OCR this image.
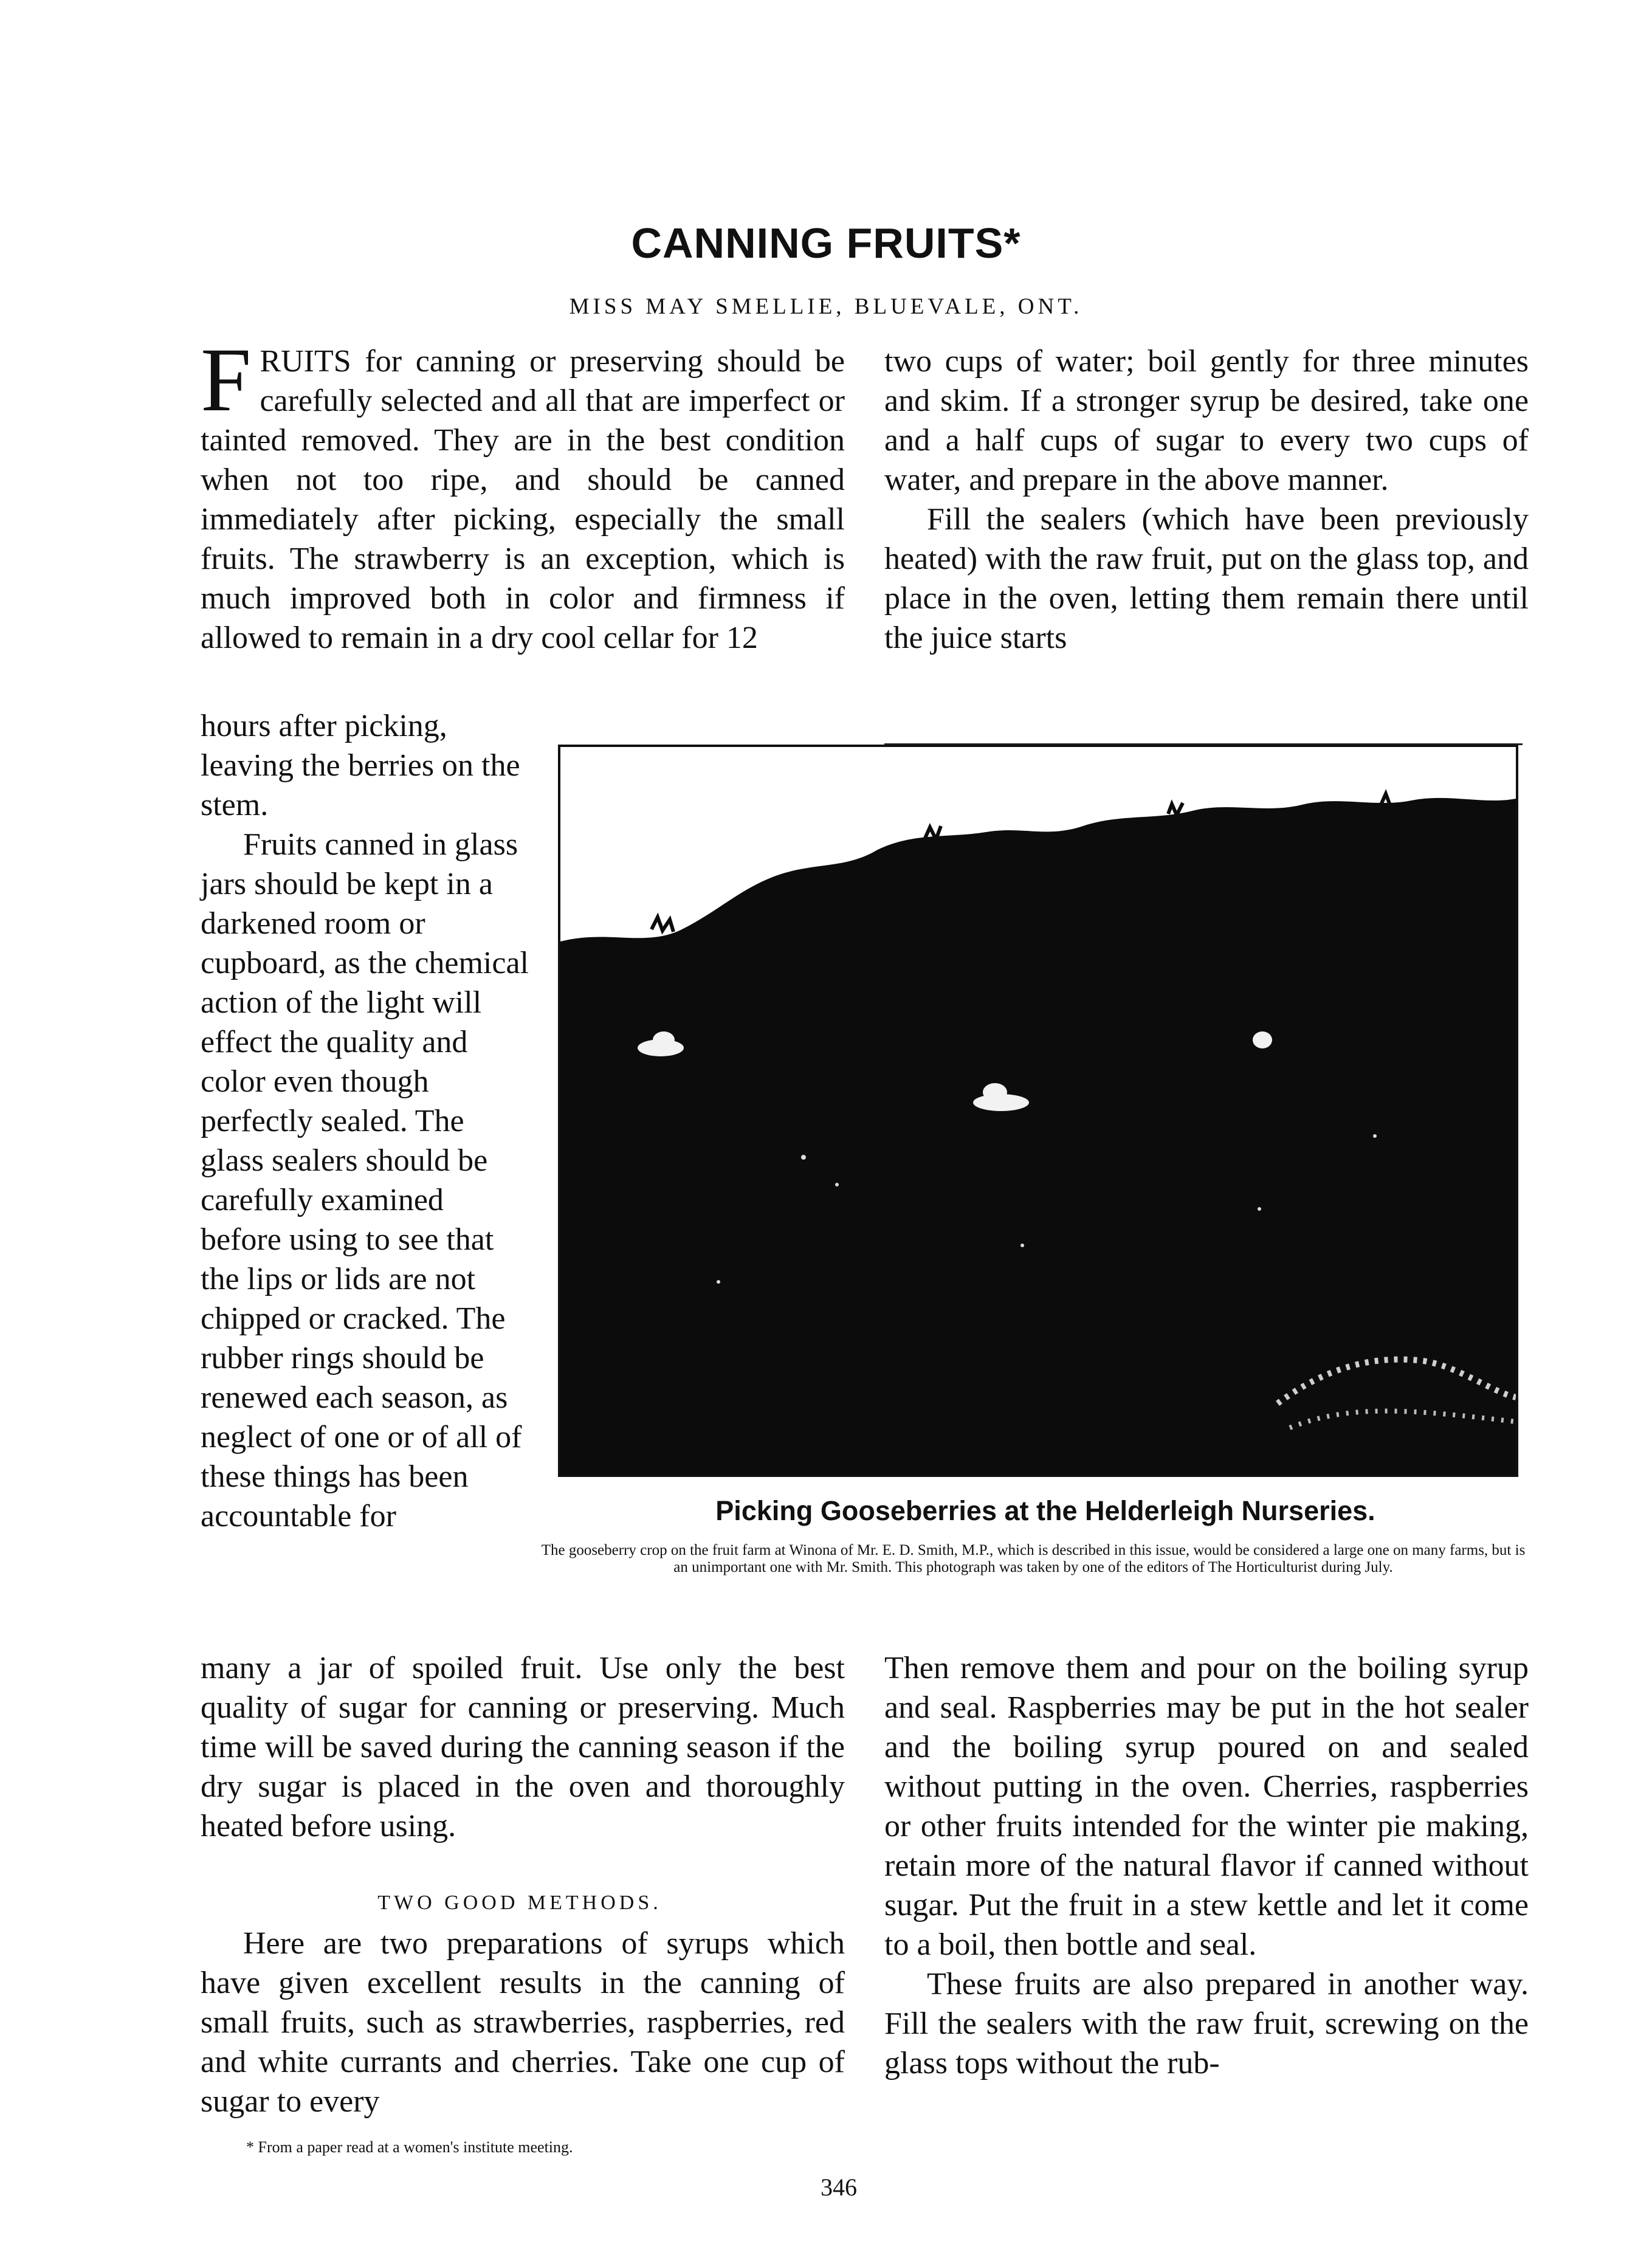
CANNING FRUITS*
MISS MAY SMELLIE, BLUEVALE, ONT.

FRUITS for canning or preserving should be carefully selected and all that are imperfect or tainted removed. They are in the best condition when not too ripe, and should be canned immediately after picking, especially the small fruits. The strawberry is an exception, which is much improved both in color and firmness if allowed to remain in a dry cool cellar for 12

hours after picking, leaving the berries on the stem.

Fruits canned in glass jars should be kept in a darkened room or cupboard, as the chemical action of the light will effect the quality and color even though perfectly sealed. The glass sealers should be carefully examined before using to see that the lips or lids are not chipped or cracked. The rubber rings should be renewed each season, as neglect of one or of all of these things has been accountable for

many a jar of spoiled fruit. Use only the best quality of sugar for canning or preserving. Much time will be saved during the canning season if the dry sugar is placed in the oven and thoroughly heated before using.

TWO GOOD METHODS.

Here are two preparations of syrups which have given excellent results in the canning of small fruits, such as strawberries, raspberries, red and white currants and cherries. Take one cup of sugar to every

two cups of water; boil gently for three minutes and skim. If a stronger syrup be desired, take one and a half cups of sugar to every two cups of water, and prepare in the above manner.

Fill the sealers (which have been previously heated) with the raw fruit, put on the glass top, and place in the oven, letting them remain there until the juice starts

Picking Gooseberries at the Helderleigh Nurseries.
The gooseberry crop on the fruit farm at Winona of Mr. E. D. Smith, M.P., which is described in this issue, would be considered a large one on many farms, but is an unimportant one with Mr. Smith. This photograph was taken by one of the editors of The Horticulturist during July.

Then remove them and pour on the boiling syrup and seal. Raspberries may be put in the hot sealer and the boiling syrup poured on and sealed without putting in the oven. Cherries, raspberries or other fruits intended for the winter pie making, retain more of the natural flavor if canned without sugar. Put the fruit in a stew kettle and let it come to a boil, then bottle and seal.

These fruits are also prepared in another way. Fill the sealers with the raw fruit, screwing on the glass tops without the rub-

* From a paper read at a women's institute meeting.
346
